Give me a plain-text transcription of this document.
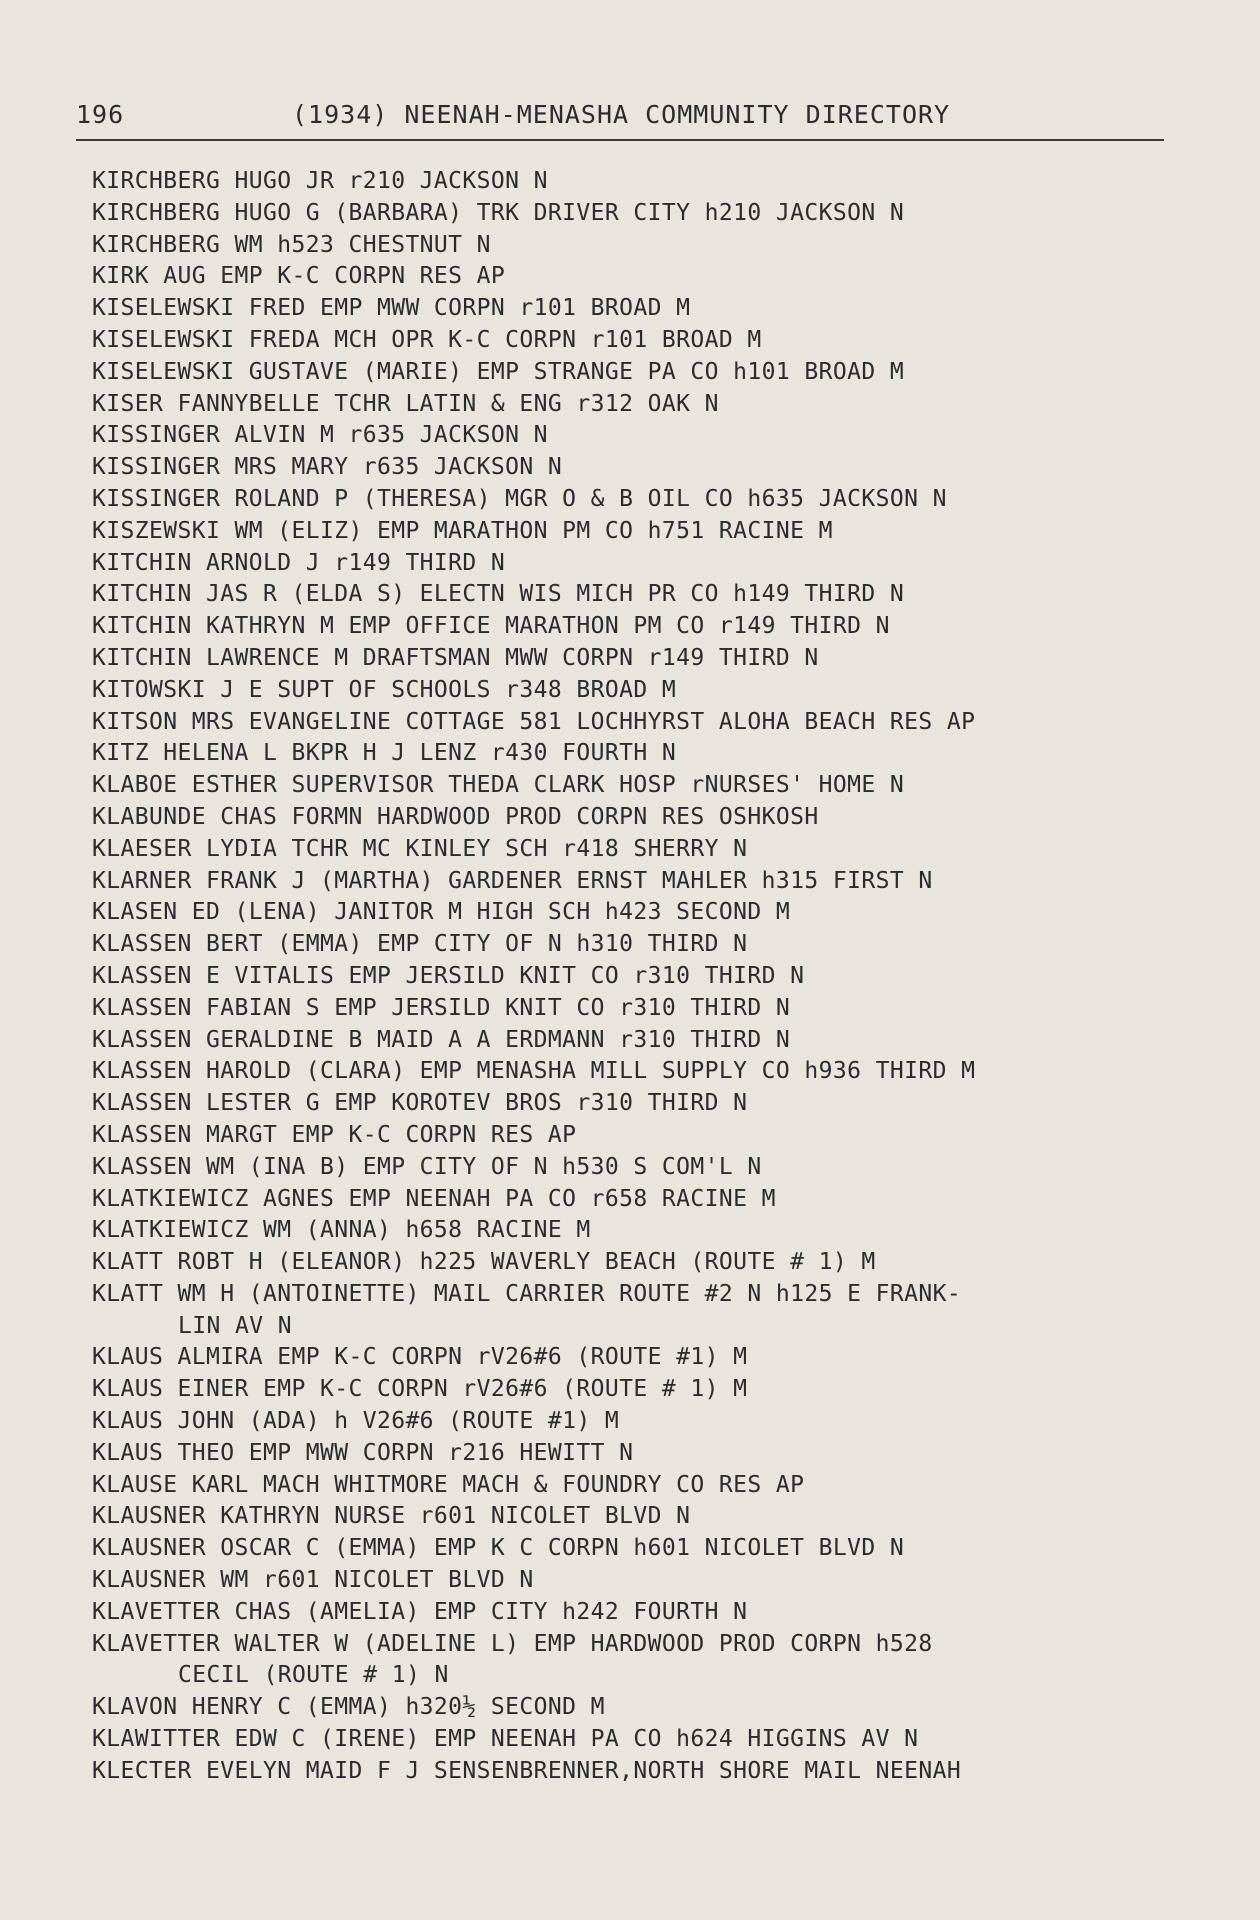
196	(1934) NEENAH-MENASHA COMMUNITY DIRECTORY
KIRCHBERG HUGO JR r210 JACKSON N
KIRCHBERG HUGO G (BARBARA) TRK DRIVER CITY h210 JACKSON N
KIRCHBERG WM h523 CHESTNUT N
KIRK AUG EMP K-C CORPN RES AP
KISELEWSKI FRED EMP MWW CORPN r101 BROAD M
KISELEWSKI FREDA MCH OPR K-C CORPN r101 BROAD M
KISELEWSKI GUSTAVE (MARIE) EMP STRANGE PA CO h101 BROAD M
KISER FANNYBELLE TCHR LATIN & ENG r312 OAK N
KISSINGER ALVIN M r635 JACKSON N
KISSINGER MRS MARY r635 JACKSON N
KISSINGER ROLAND P (THERESA) MGR O & B OIL CO h635 JACKSON N
KISZEWSKI WM (ELIZ) EMP MARATHON PM CO h751 RACINE M
KITCHIN ARNOLD J r149 THIRD N
KITCHIN JAS R (ELDA S) ELECTN WIS MICH PR CO h149 THIRD N
KITCHIN KATHRYN M EMP OFFICE MARATHON PM CO r149 THIRD N
KITCHIN LAWRENCE M DRAFTSMAN MWW CORPN r149 THIRD N
KITOWSKI J E SUPT OF SCHOOLS r348 BROAD M
KITSON MRS EVANGELINE COTTAGE 581 LOCHHYRST ALOHA BEACH RES AP
KITZ HELENA L BKPR H J LENZ r430 FOURTH N
KLABOE ESTHER SUPERVISOR THEDA CLARK HOSP rNURSES' HOME N
KLABUNDE CHAS FORMN HARDWOOD PROD CORPN RES OSHKOSH
KLAESER LYDIA TCHR MC KINLEY SCH r418 SHERRY N
KLARNER FRANK J (MARTHA) GARDENER ERNST MAHLER h315 FIRST N
KLASEN ED (LENA) JANITOR M HIGH SCH h423 SECOND M
KLASSEN BERT (EMMA) EMP CITY OF N h310 THIRD N
KLASSEN E VITALIS EMP JERSILD KNIT CO r310 THIRD N
KLASSEN FABIAN S EMP JERSILD KNIT CO r310 THIRD N
KLASSEN GERALDINE B MAID A A ERDMANN r310 THIRD N
KLASSEN HAROLD (CLARA) EMP MENASHA MILL SUPPLY CO h936 THIRD M
KLASSEN LESTER G EMP KOROTEV BROS r310 THIRD N
KLASSEN MARGT EMP K-C CORPN RES AP
KLASSEN WM (INA B) EMP CITY OF N h530 S COM'L N
KLATKIEWICZ AGNES EMP NEENAH PA CO r658 RACINE M
KLATKIEWICZ WM (ANNA) h658 RACINE M
KLATT ROBT H (ELEANOR) h225 WAVERLY BEACH (ROUTE # 1) M
KLATT WM H (ANTOINETTE) MAIL CARRIER ROUTE #2 N h125 E FRANK-
LIN AV N
KLAUS ALMIRA EMP K-C CORPN rV26#6 (ROUTE #1) M
KLAUS EINER EMP K-C CORPN rV26#6 (ROUTE # 1) M
KLAUS JOHN (ADA) h V26#6 (ROUTE #1) M
KLAUS THEO EMP MWW CORPN r216 HEWITT N
KLAUSE KARL MACH WHITMORE MACH & FOUNDRY CO RES AP
KLAUSNER KATHRYN NURSE r601 NICOLET BLVD N
KLAUSNER OSCAR C (EMMA) EMP K C CORPN h601 NICOLET BLVD N
KLAUSNER WM r601 NICOLET BLVD N
KLAVETTER CHAS (AMELIA) EMP CITY h242 FOURTH N
KLAVETTER WALTER W (ADELINE L) EMP HARDWOOD PROD CORPN h528
CECIL (ROUTE # 1) N
KLAVON HENRY C (EMMA) h320½ SECOND M
KLAWITTER EDW C (IRENE) EMP NEENAH PA CO h624 HIGGINS AV N
KLECTER EVELYN MAID F J SENSENBRENNER,NORTH SHORE MAIL NEENAH
